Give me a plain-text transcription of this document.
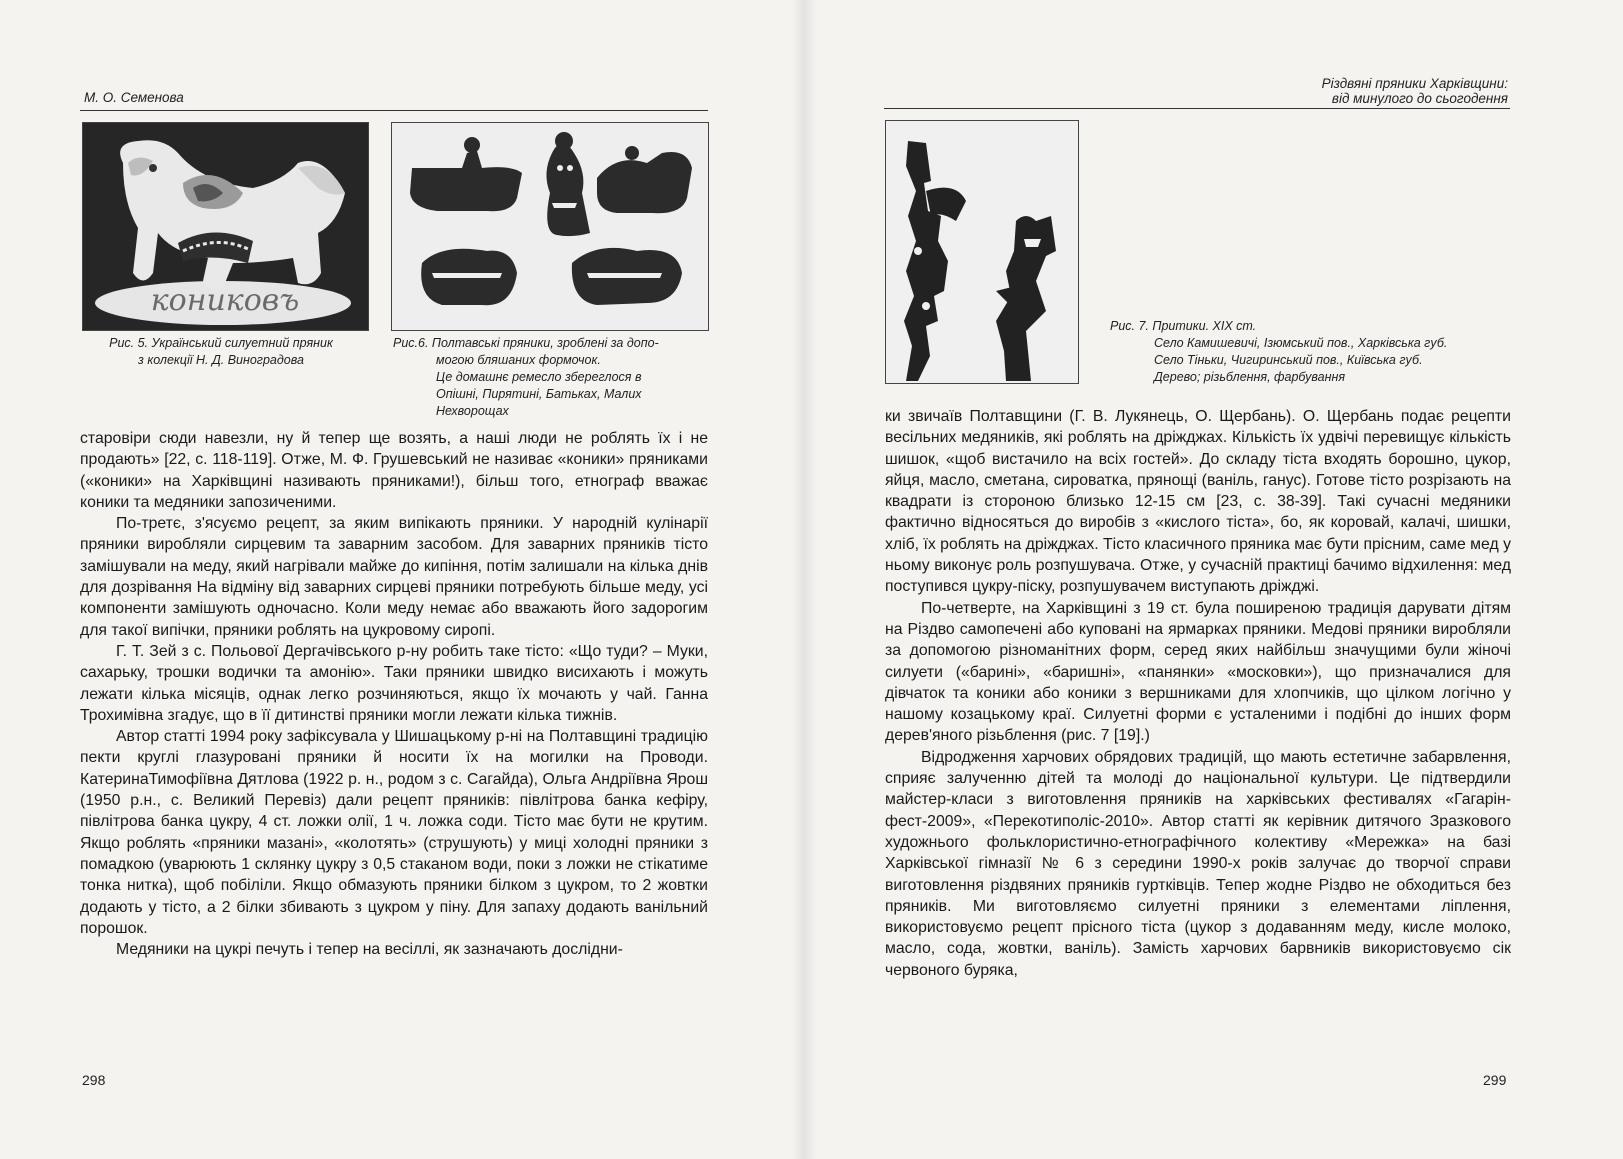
М. О. Семенова
кониковъ
Рис. 5. Український силуетний пряник
з колекції Н. Д. Виноградова
Рис.6. Полтавські пряники, зроблені за допо-
могою бляшаних формочок.
Це домашнє ремесло збереглося в
Опішні, Пирятині, Батьках, Малих
Нехворощах

старовіри сюди навезли, ну й тепер ще возять, а наші люди не роблять їх і не продають» [22, с. 118-119]. Отже, М. Ф. Грушевський не називає «коники» пряниками («коники» на Харківщині називають пряниками!), більш того, етнограф вважає коники та медяники запозиченими.

По-третє, з'ясуємо рецепт, за яким випікають пряники. У народній кулінарії пряники виробляли сирцевим та заварним засобом. Для заварних пряників тісто замішували на меду, який нагрівали майже до кипіння, потім залишали на кілька днів для дозрівання На відміну від заварних сирцеві пряники потребують більше меду, усі компоненти замішують одночасно. Коли меду немає або вважають його задорогим для такої випічки, пряники роблять на цукровому сиропі.

Г. Т. Зей з с. Польової Дергачівського р-ну робить таке тісто: «Що туди? – Муки, сахарьку, трошки водички та амонію». Таки пряники швидко висихають і можуть лежати кілька місяців, однак легко розчиняються, якщо їх мочають у чай. Ганна Трохимівна згадує, що в її дитинстві пряники могли лежати кілька тижнів.

Автор статті 1994 року зафіксувала у Шишацькому р-ні на Полтавщині традицію пекти круглі глазуровані пряники й носити їх на могилки на Проводи. КатеринаТимофіївна Дятлова (1922 р. н., родом з с. Сагайда), Ольга Андріївна Ярош (1950 р.н., с. Великий Перевіз) дали рецепт пряників: півлітрова банка кефіру, півлітрова банка цукру, 4 ст. ложки олії, 1 ч. ложка соди. Тісто має бути не крутим. Якщо роблять «пряники мазані», «колотять» (струшують) у миці холодні пряники з помадкою (уварюють 1 склянку цукру з 0,5 стаканом води, поки з ложки не стікатиме тонка нитка), щоб побіліли. Якщо обмазують пряники білком з цукром, то 2 жовтки додають у тісто, а 2 білки збивають з цукром у піну. Для запаху додають ванільний порошок.

Медяники на цукрі печуть і тепер на весіллі, як зазначають дослідни-

298
Різдвяні пряники Харківщини:
від минулого до сьогодення
Рис. 7. Притики. XIX ст.
Село Камишевичі, Ізюмський пов., Харківська губ.
Село Тіньки, Чигиринський пов., Київська губ.
Дерево; різьблення, фарбування

ки звичаїв Полтавщини (Г. В. Лукянець, О. Щербань). О. Щербань подає рецепти весільних медяників, які роблять на дріжджах. Кількість їх удвічі перевищує кількість шишок, «щоб вистачило на всіх гостей». До складу тіста входять борошно, цукор, яйця, масло, сметана, сироватка, прянощі (ваніль, ганус). Готове тісто розрізають на квадрати із стороною близько 12-15 см [23, с. 38-39]. Такі сучасні медяники фактично відносяться до виробів з «кислого тіста», бо, як коровай, калачі, шишки, хліб, їх роблять на дріжджах. Тісто класичного пряника має бути прісним, саме мед у ньому виконує роль розпушувача. Отже, у сучасній практиці бачимо відхилення: мед поступився цукру-піску, розпушувачем виступають дріжджі.

По-четверте, на Харківщині з 19 ст. була поширеною традиція дарувати дітям на Різдво самопечені або куповані на ярмарках пряники. Медові пряники виробляли за допомогою різноманітних форм, серед яких найбільш значущими були жіночі силуети («барині», «баришні», «панянки» «московки»), що призначалися для дівчаток та коники або коники з вершниками для хлопчиків, що цілком логічно у нашому козацькому краї. Силуетні форми є усталеними і подібні до інших форм дерев'яного різьблення (рис. 7 [19].)

Відродження харчових обрядових традицій, що мають естетичне забарвлення, сприяє залученню дітей та молоді до національної культури. Це підтвердили майстер-класи з виготовлення пряників на харківських фестивалях «Гагарін-фест-2009», «Перекотиполіс-2010». Автор статті як керівник дитячого Зразкового художнього фольклористично-етнографічного колективу «Мережка» на базі Харківської гімназії № 6 з середини 1990-х років залучає до творчої справи виготовлення різдвяних пряників гуртківців. Тепер жодне Різдво не обходиться без пряників. Ми виготовляємо силуетні пряники з елементами ліплення, використовуємо рецепт прісного тіста (цукор з додаванням меду, кисле молоко, масло, сода, жовтки, ваніль). Замість харчових барвників використовуємо сік червоного буряка,

299
